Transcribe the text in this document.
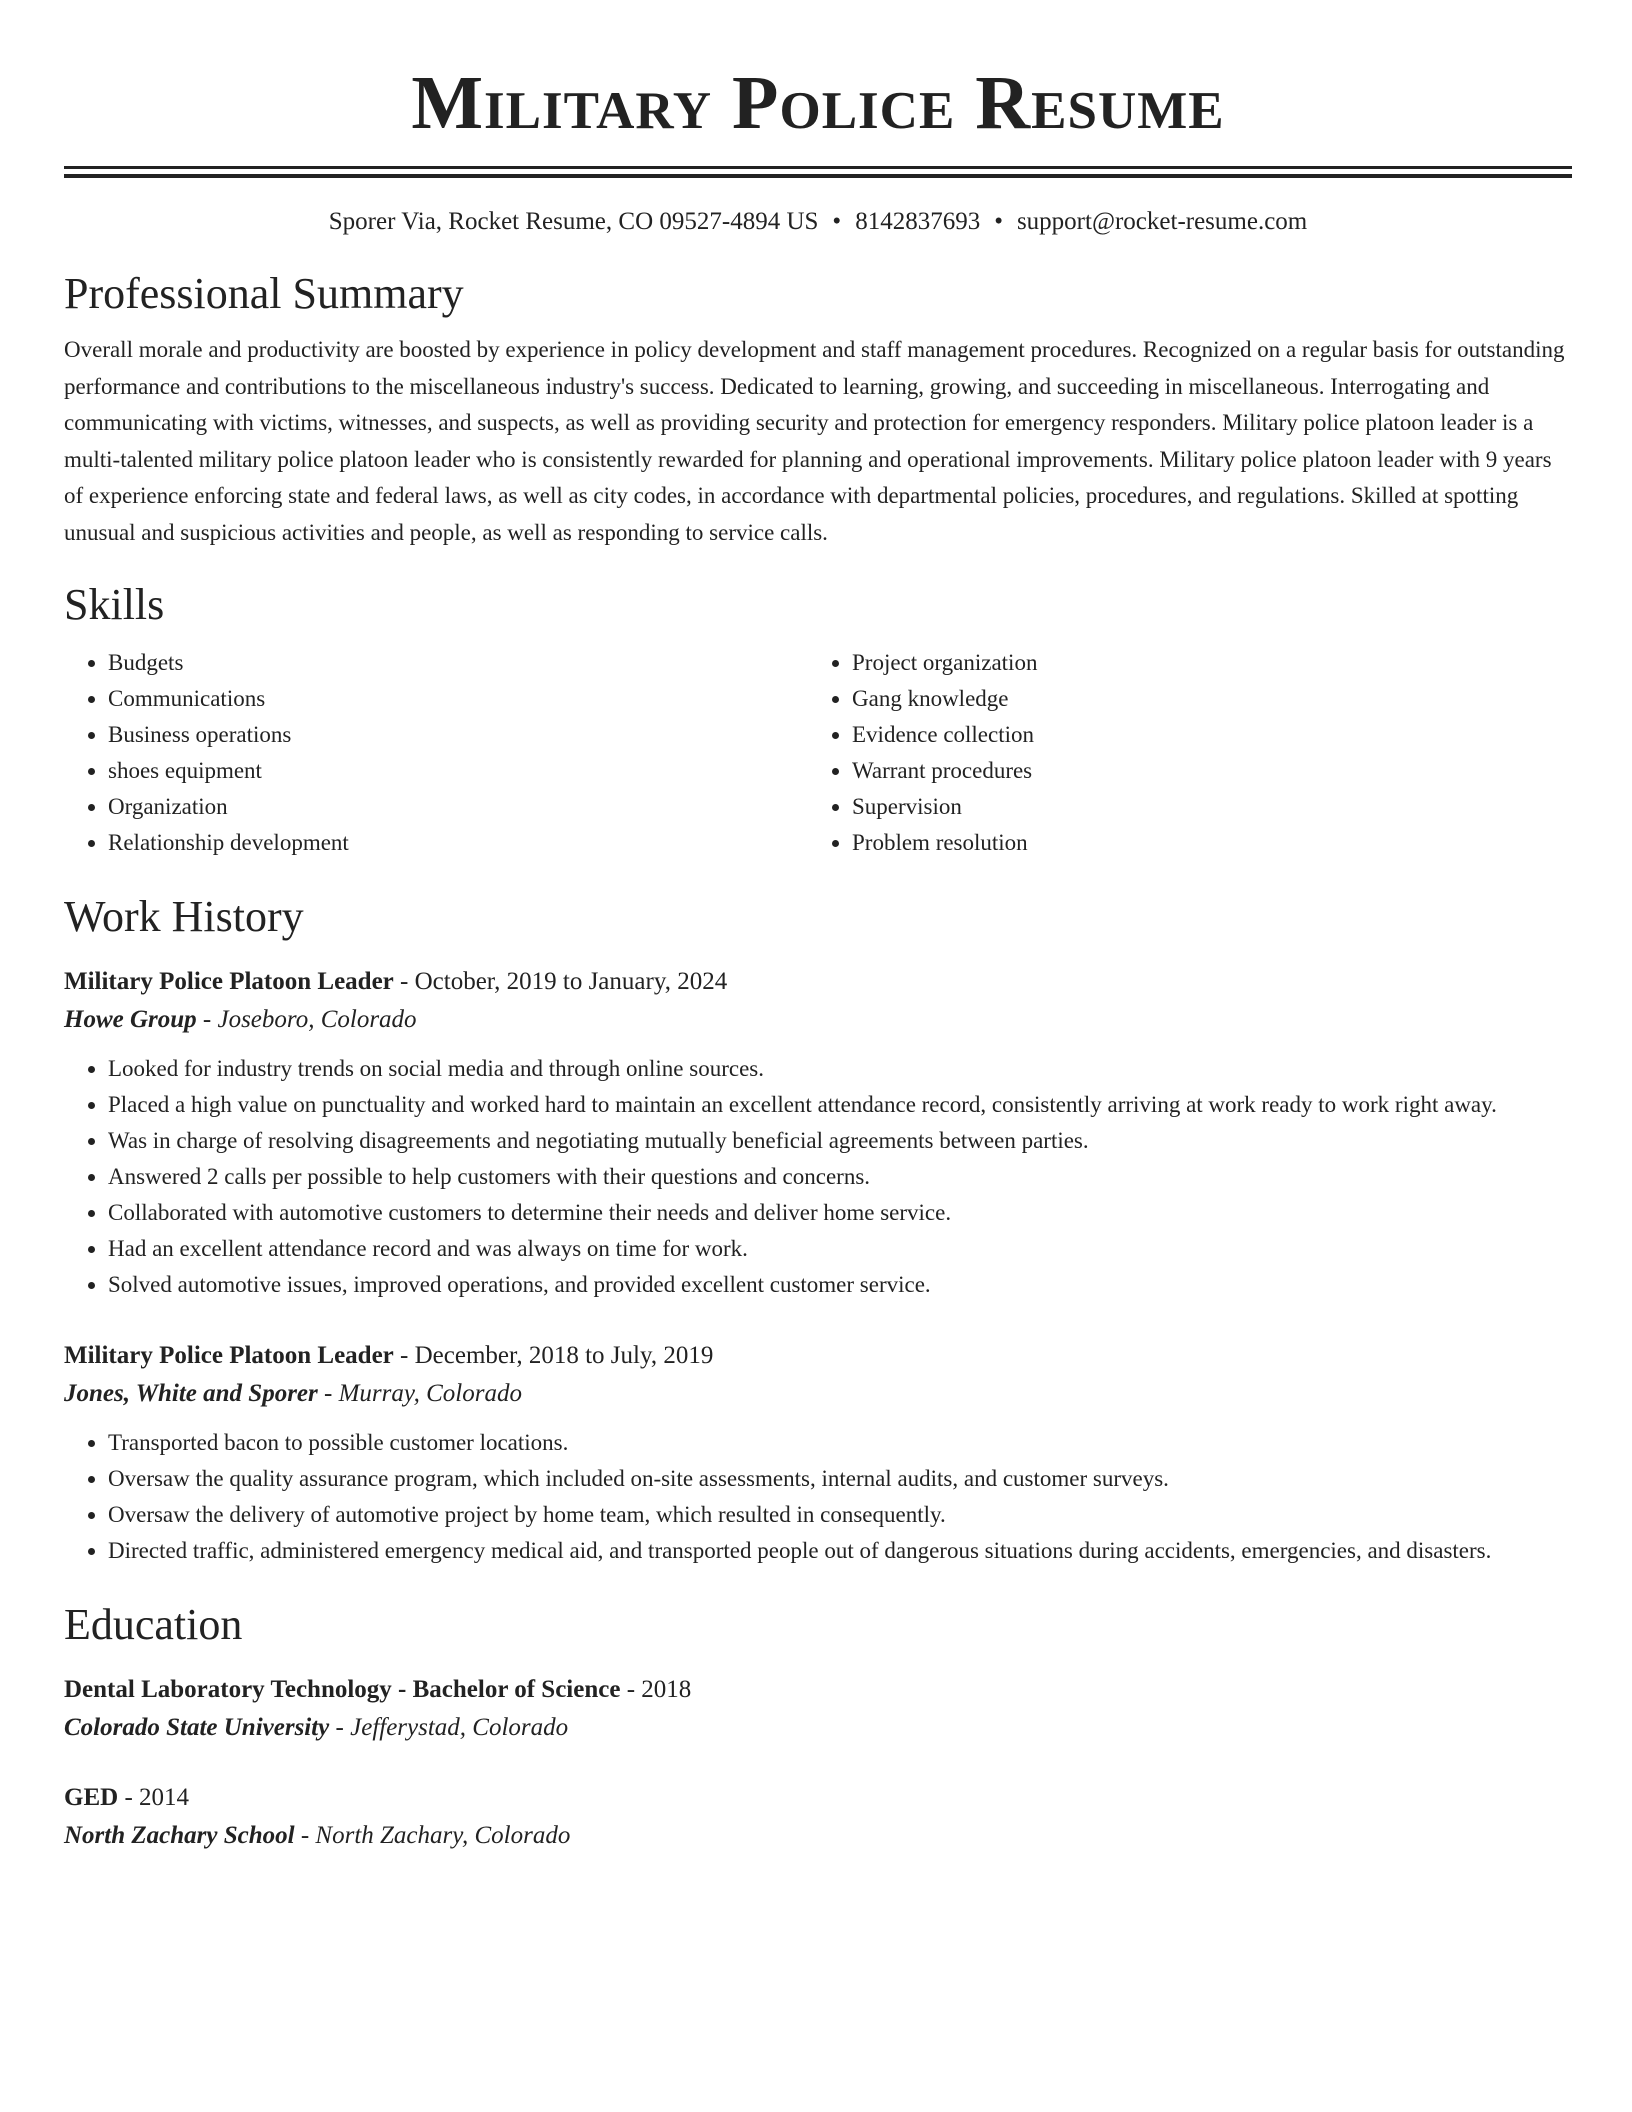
Military Police Resume
Sporer Via, Rocket Resume, CO 09527-4894 US • 8142837693 • support@rocket-resume.com
Professional Summary
Overall morale and productivity are boosted by experience in policy development and staff management procedures. Recognized on a regular basis for outstanding performance and contributions to the miscellaneous industry's success. Dedicated to learning, growing, and succeeding in miscellaneous. Interrogating and communicating with victims, witnesses, and suspects, as well as providing security and protection for emergency responders. Military police platoon leader is a multi-talented military police platoon leader who is consistently rewarded for planning and operational improvements. Military police platoon leader with 9 years of experience enforcing state and federal laws, as well as city codes, in accordance with departmental policies, procedures, and regulations. Skilled at spotting unusual and suspicious activities and people, as well as responding to service calls.
Skills
• Budgets
• Communications
• Business operations
• shoes equipment
• Organization
• Relationship development
• Project organization
• Gang knowledge
• Evidence collection
• Warrant procedures
• Supervision
• Problem resolution
Work History
Military Police Platoon Leader - October, 2019 to January, 2024
Howe Group - Joseboro, Colorado
• Looked for industry trends on social media and through online sources.
• Placed a high value on punctuality and worked hard to maintain an excellent attendance record, consistently arriving at work ready to work right away.
• Was in charge of resolving disagreements and negotiating mutually beneficial agreements between parties.
• Answered 2 calls per possible to help customers with their questions and concerns.
• Collaborated with automotive customers to determine their needs and deliver home service.
• Had an excellent attendance record and was always on time for work.
• Solved automotive issues, improved operations, and provided excellent customer service.
Military Police Platoon Leader - December, 2018 to July, 2019
Jones, White and Sporer - Murray, Colorado
• Transported bacon to possible customer locations.
• Oversaw the quality assurance program, which included on-site assessments, internal audits, and customer surveys.
• Oversaw the delivery of automotive project by home team, which resulted in consequently.
• Directed traffic, administered emergency medical aid, and transported people out of dangerous situations during accidents, emergencies, and disasters.
Education
Dental Laboratory Technology - Bachelor of Science - 2018
Colorado State University - Jefferystad, Colorado
GED - 2014
North Zachary School - North Zachary, Colorado
